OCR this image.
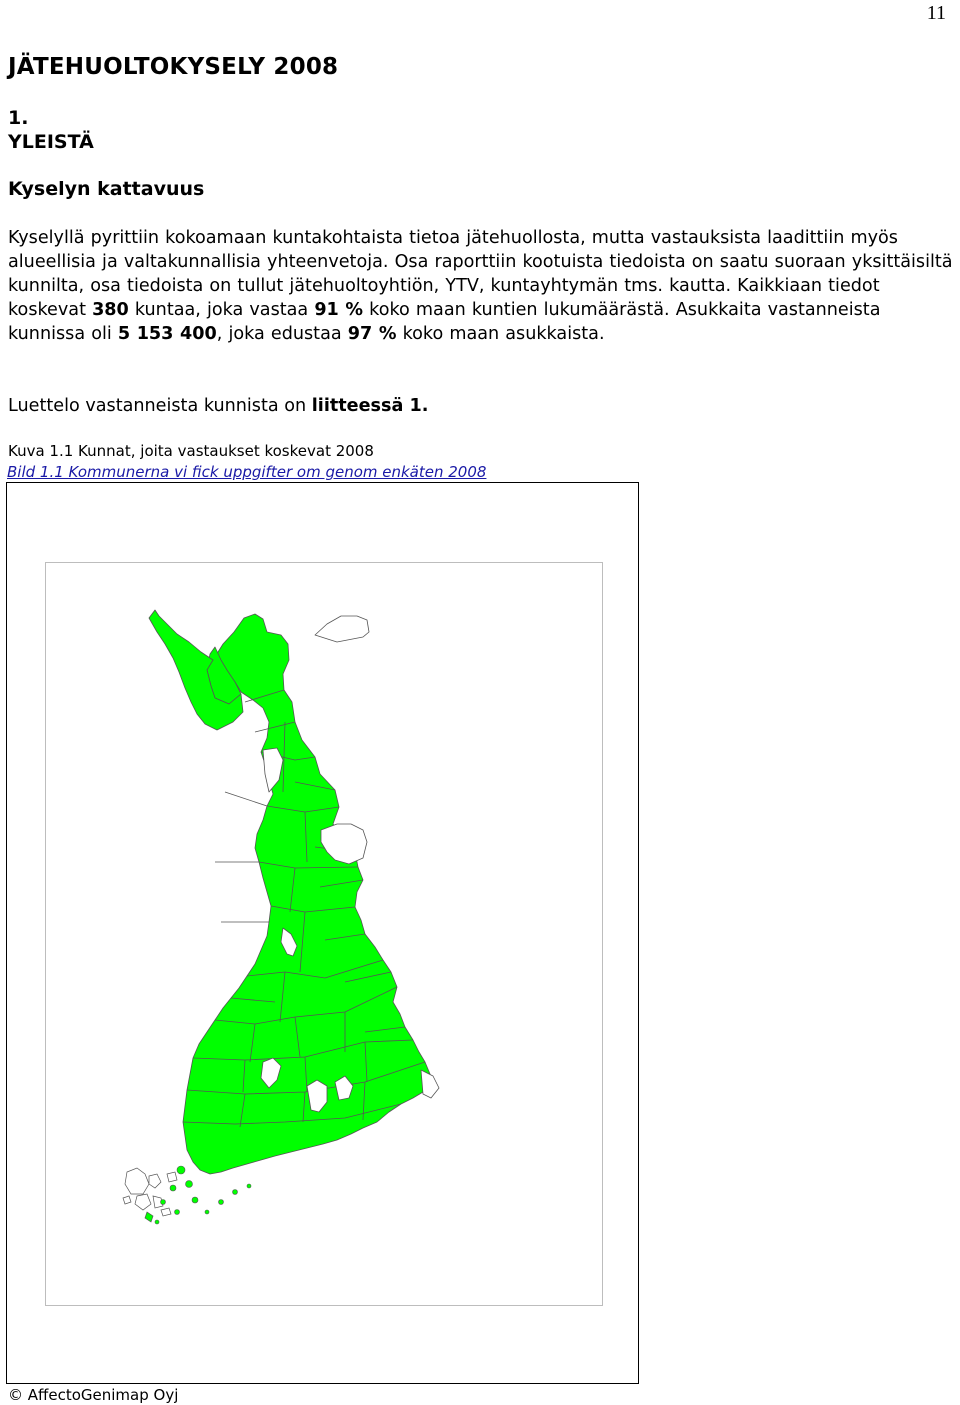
11
JÄTEHUOLTOKYSELY 2008
1.
YLEISTÄ
Kyselyn kattavuus

Kyselyllä pyrittiin kokoamaan kuntakohtaista tietoa jätehuollosta, mutta vastauksista laadittiin myös alueellisia ja valtakunnallisia yhteenvetoja. Osa raporttiin kootuista tiedoista on saatu suoraan yksittäisiltä kunnilta, osa tiedoista on tullut jätehuoltoyhtiön, YTV, kuntayhtymän tms. kautta. Kaikkiaan tiedot koskevat 380 kuntaa, joka vastaa 91 % koko maan kuntien lukumäärästä. Asukkaita vastanneista kunnissa oli 5 153 400, joka edustaa 97 % koko maan asukkaista.

Luettelo vastanneista kunnista on liitteessä 1.
Kuva 1.1 Kunnat, joita vastaukset koskevat 2008
Bild 1.1 Kommunerna vi fick uppgifter om genom enkäten 2008
© AffectoGenimap Oyj
